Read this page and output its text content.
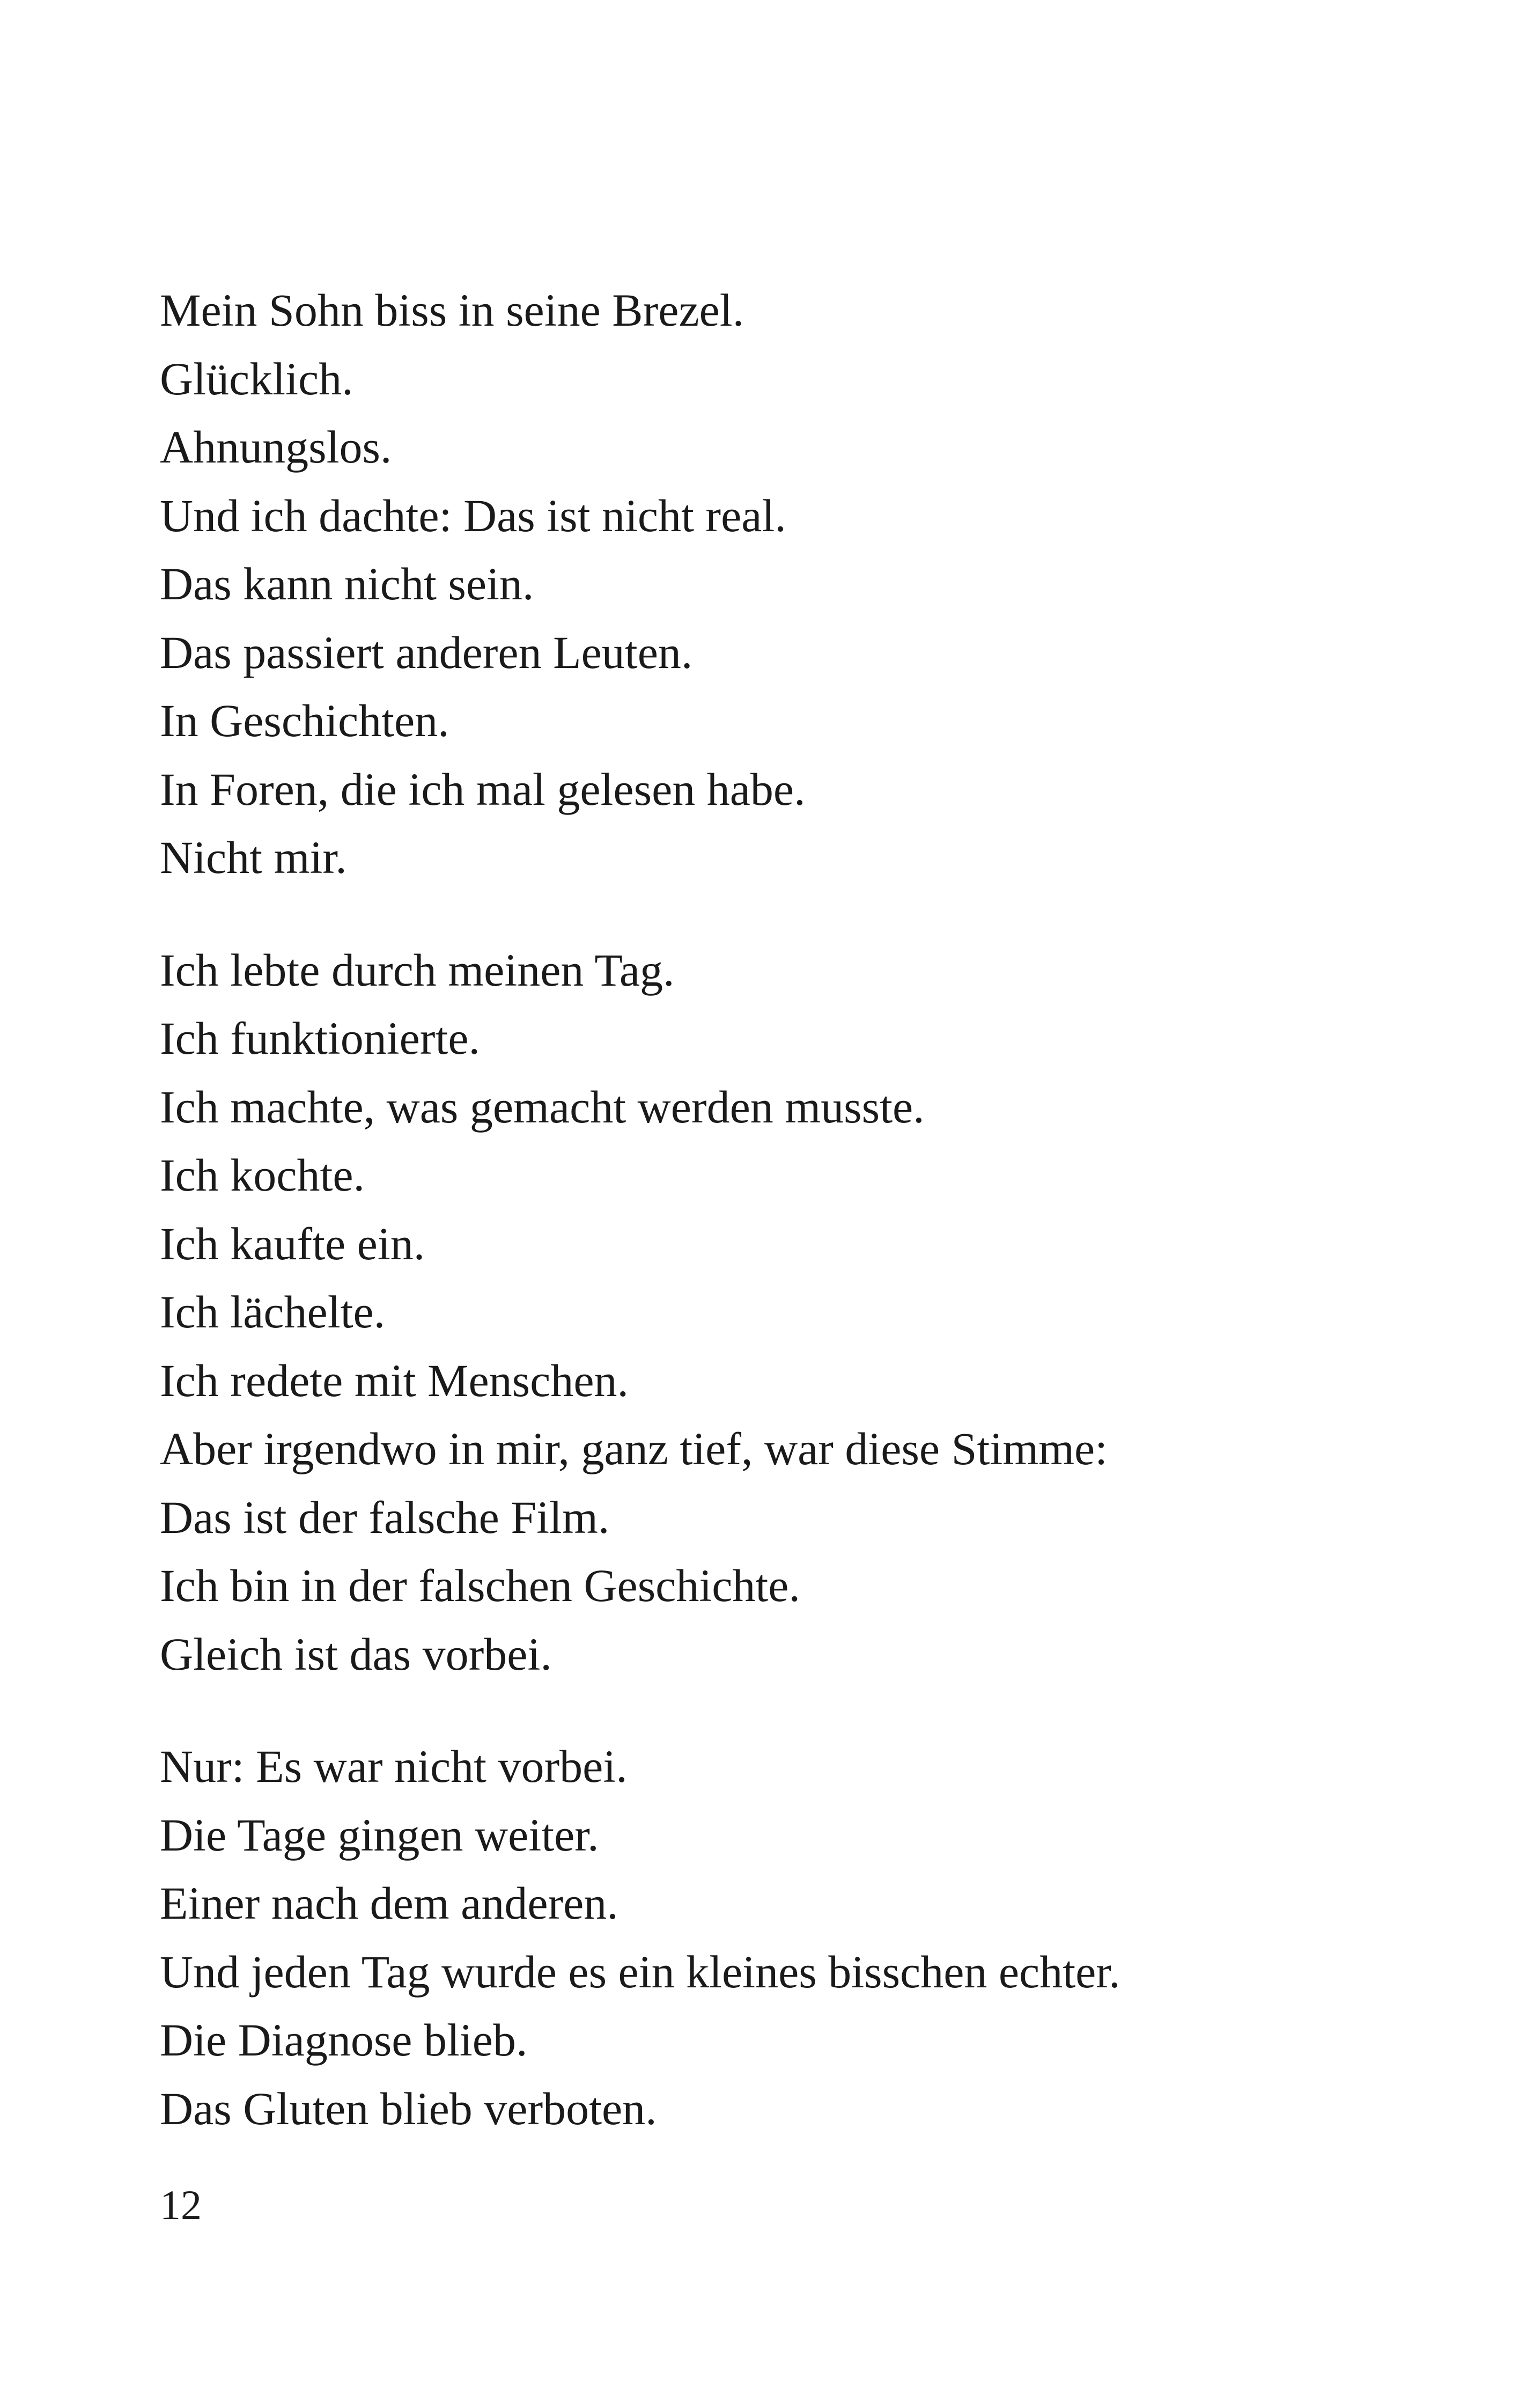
Mein Sohn biss in seine Brezel.
Glücklich.
Ahnungslos.
Und ich dachte: Das ist nicht real.
Das kann nicht sein.
Das passiert anderen Leuten.
In Geschichten.
In Foren, die ich mal gelesen habe.
Nicht mir.
Ich lebte durch meinen Tag.
Ich funktionierte.
Ich machte, was gemacht werden musste.
Ich kochte.
Ich kaufte ein.
Ich lächelte.
Ich redete mit Menschen.
Aber irgendwo in mir, ganz tief, war diese Stimme:
Das ist der falsche Film.
Ich bin in der falschen Geschichte.
Gleich ist das vorbei.
Nur: Es war nicht vorbei.
Die Tage gingen weiter.
Einer nach dem anderen.
Und jeden Tag wurde es ein kleines bisschen echter.
Die Diagnose blieb.
Das Gluten blieb verboten.
12
